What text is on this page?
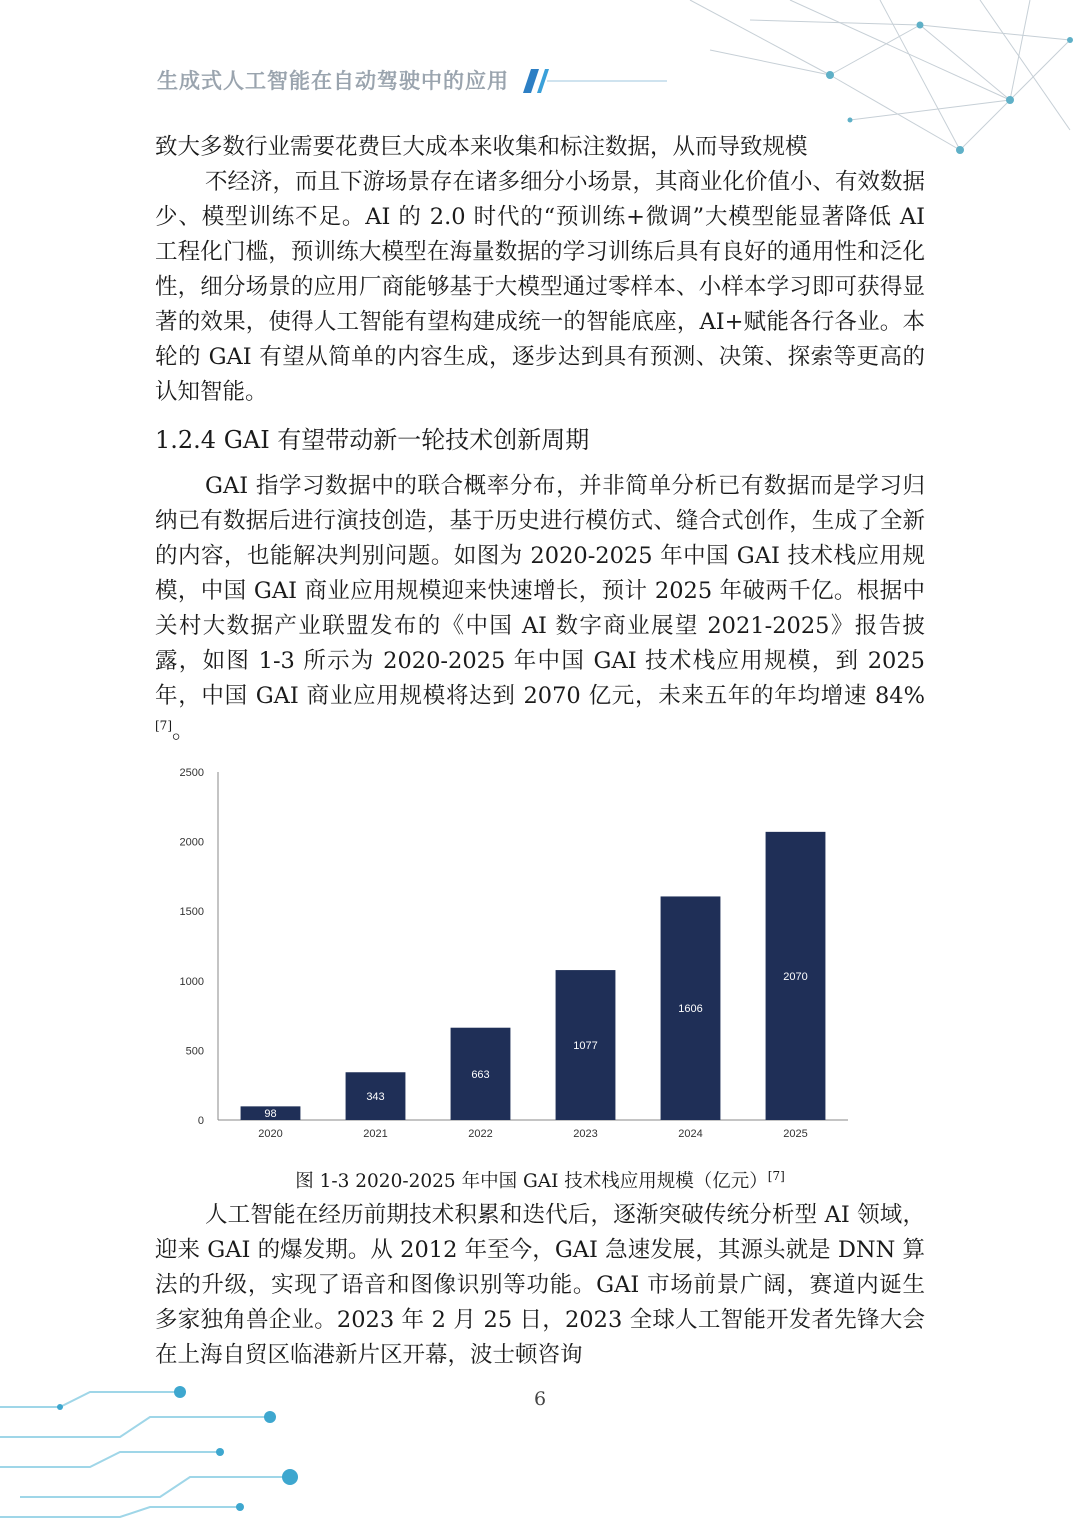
生成式人工智能在自动驾驶中的应用

致大多数行业需要花费巨大成本来收集和标注数据，从而导致规模

不经济，而且下游场景存在诸多细分小场景，其商业化价值小、有效数据少、模型训练不足。AI 的 2.0 时代的“预训练+微调”大模型能显著降低 AI 工程化门槛，预训练大模型在海量数据的学习训练后具有良好的通用性和泛化性，细分场景的应用厂商能够基于大模型通过零样本、小样本学习即可获得显著的效果，使得人工智能有望构建成统一的智能底座，AI+赋能各行各业。本轮的 GAI 有望从简单的内容生成，逐步达到具有预测、决策、探索等更高的认知智能。

1.2.4 GAI 有望带动新一轮技术创新周期

GAI 指学习数据中的联合概率分布，并非简单分析已有数据而是学习归纳已有数据后进行演技创造，基于历史进行模仿式、缝合式创作，生成了全新的内容，也能解决判别问题。如图为 2020-2025 年中国 GAI 技术栈应用规模，中国 GAI 商业应用规模迎来快速增长，预计 2025 年破两千亿。根据中关村大数据产业联盟发布的《中国 AI 数字商业展望 2021-2025》报告披露，如图 1-3 所示为 2020-2025 年中国 GAI 技术栈应用规模，到 2025 年，中国 GAI 商业应用规模将达到 2070 亿元，未来五年的年均增速 84%[7]。

0
500
1000
1500
2000
2500
98
2020
343
2021
663
2022
1077
2023
1606
2024
2070
2025
图 1-3 2020-2025 年中国 GAI 技术栈应用规模（亿元）[7]

人工智能在经历前期技术积累和迭代后，逐渐突破传统分析型 AI 领域，迎来 GAI 的爆发期。从 2012 年至今，GAI 急速发展，其源头就是 DNN 算法的升级，实现了语音和图像识别等功能。GAI 市场前景广阔，赛道内诞生多家独角兽企业。2023 年 2 月 25 日，2023 全球人工智能开发者先锋大会在上海自贸区临港新片区开幕，波士顿咨询

6
